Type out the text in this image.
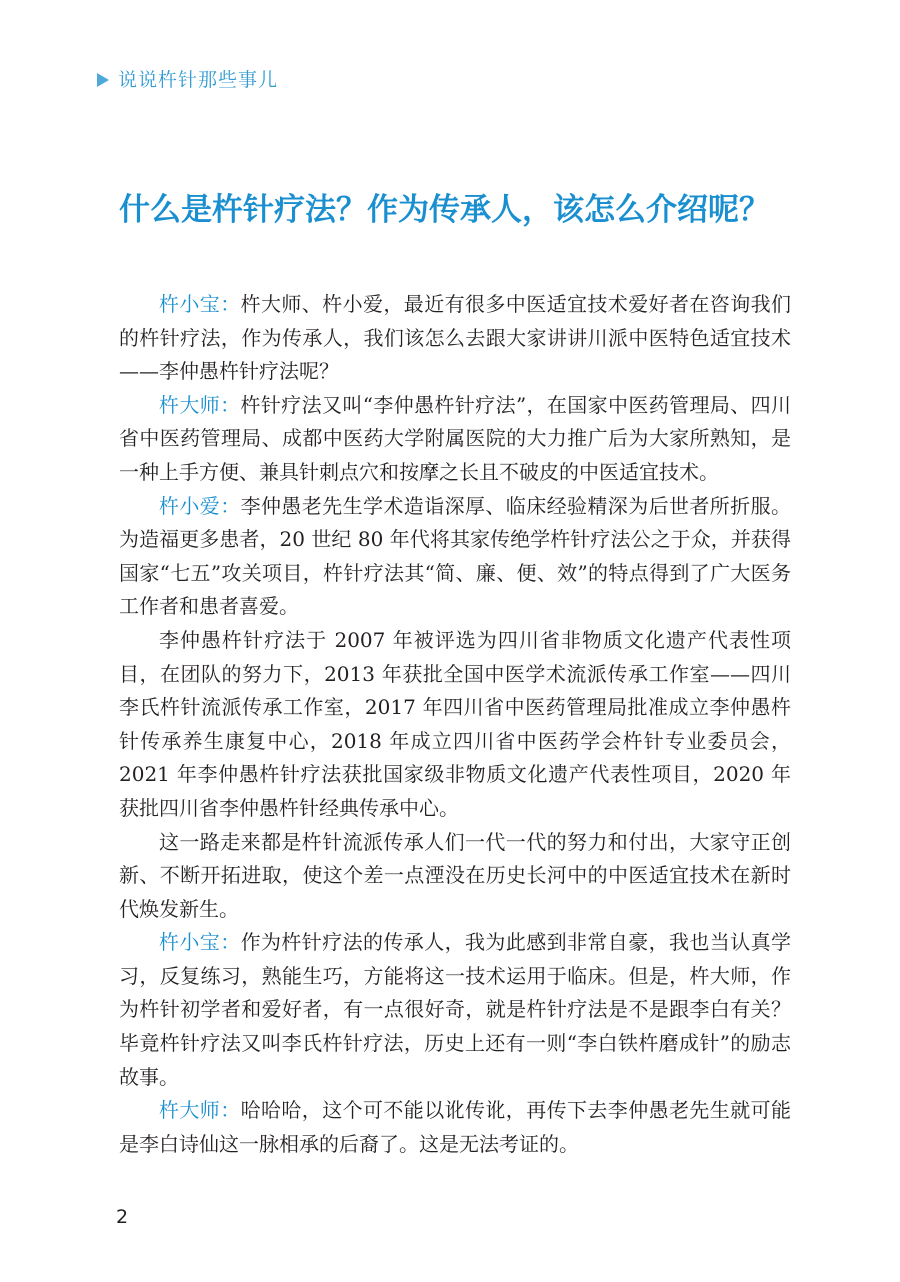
说说杵针那些事儿
什么是杵针疗法？作为传承人，该怎么介绍呢？

杵小宝：杵大师、杵小爱，最近有很多中医适宜技术爱好者在咨询我们的杵针疗法，作为传承人，我们该怎么去跟大家讲讲川派中医特色适宜技术——李仲愚杵针疗法呢？

杵大师：杵针疗法又叫“李仲愚杵针疗法”，在国家中医药管理局、四川省中医药管理局、成都中医药大学附属医院的大力推广后为大家所熟知，是一种上手方便、兼具针刺点穴和按摩之长且不破皮的中医适宜技术。

杵小爱：李仲愚老先生学术造诣深厚、临床经验精深为后世者所折服。为造福更多患者，20 世纪 80 年代将其家传绝学杵针疗法公之于众，并获得国家“七五”攻关项目，杵针疗法其“简、廉、便、效”的特点得到了广大医务工作者和患者喜爱。

李仲愚杵针疗法于 2007 年被评选为四川省非物质文化遗产代表性项目，在团队的努力下，2013 年获批全国中医学术流派传承工作室——四川李氏杵针流派传承工作室，2017 年四川省中医药管理局批准成立李仲愚杵针传承养生康复中心，2018 年成立四川省中医药学会杵针专业委员会，2021 年李仲愚杵针疗法获批国家级非物质文化遗产代表性项目，2020 年获批四川省李仲愚杵针经典传承中心。

这一路走来都是杵针流派传承人们一代一代的努力和付出，大家守正创新、不断开拓进取，使这个差一点湮没在历史长河中的中医适宜技术在新时代焕发新生。

杵小宝：作为杵针疗法的传承人，我为此感到非常自豪，我也当认真学习，反复练习，熟能生巧，方能将这一技术运用于临床。但是，杵大师，作为杵针初学者和爱好者，有一点很好奇，就是杵针疗法是不是跟李白有关？毕竟杵针疗法又叫李氏杵针疗法，历史上还有一则“李白铁杵磨成针”的励志故事。

杵大师：哈哈哈，这个可不能以讹传讹，再传下去李仲愚老先生就可能是李白诗仙这一脉相承的后裔了。这是无法考证的。

2
